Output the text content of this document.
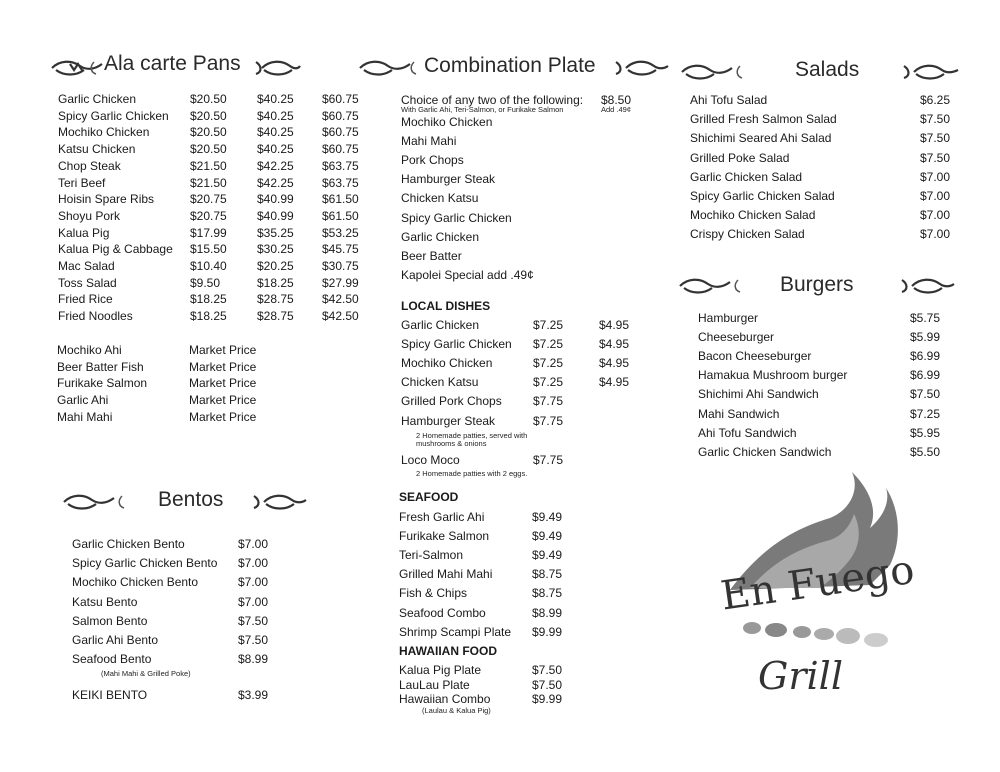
Ala carte Pans
Garlic Chicken	$20.50	$40.25 $60.75
Spicy Garlic Chicken $20.50	$40.25 $60.75
Mochiko Chicken	$20.50	$40.25 $60.75
Katsu Chicken	$20.50	$40.25 $60.75
Chop Steak	$21.50	$42.25 $63.75
Teri Beef	$21.50	$42.25 $63.75
Hoisin Spare Ribs	$20.75	$40.99 $61.50
Shoyu Pork	$20.75	$40.99 $61.50
Kalua Pig	$17.99	$35.25 $53.25
Kalua Pig & Cabbage $15.50	$30.25 $45.75
Mac Salad	$10.40	$20.25 $30.75
Toss Salad	$9.50	$18.25 $27.99
Fried Rice	$18.25	$28.75 $42.50
Fried Noodles	$18.25	$28.75 $42.50
Mochiko Ahi	Market Price
Beer Batter Fish	Market Price
Furikake Salmon	Market Price
Garlic Ahi	Market Price
Mahi Mahi	Market Price
Bentos
Garlic Chicken Bento	$7.00
Spicy Garlic Chicken Bento $7.00
Mochiko Chicken Bento	$7.00
Katsu Bento	$7.00
Salmon Bento	$7.50
Garlic Ahi Bento	$7.50
Seafood Bento	$8.99
(Mahi Mahi & Grilled Poke)
KEIKI BENTO	$3.99
Combination Plate
Choice of any two of the following: $8.50
With Garlic Ahi, Teri-Salmon, or Furikake Salmon	Add .49¢
Mochiko Chicken
Mahi Mahi
Pork Chops
Hamburger Steak
Chicken Katsu
Spicy Garlic Chicken
Garlic Chicken
Beer Batter
Kapolei Special add .49¢
LOCAL DISHES
Garlic Chicken	$7.25	$4.95
Spicy Garlic Chicken $7.25	$4.95
Mochiko Chicken	$7.25	$4.95
Chicken Katsu	$7.25	$4.95
Grilled Pork Chops	$7.75
Hamburger Steak	$7.75
2 Homemade patties, served with mushrooms & onions
Loco Moco	$7.75
2 Homemade patties with 2 eggs.
SEAFOOD
Fresh Garlic Ahi	$9.49
Furikake Salmon	$9.49
Teri-Salmon	$9.49
Grilled Mahi Mahi	$8.75
Fish & Chips	$8.75
Seafood Combo	$8.99
Shrimp Scampi Plate $9.99
HAWAIIAN FOOD
Kalua Pig Plate	$7.50
LauLau Plate	$7.50
Hawaiian Combo	$9.99
(Laulau & Kalua Pig)
Salads
Ahi Tofu Salad	$6.25
Grilled Fresh Salmon Salad	$7.50
Shichimi Seared Ahi Salad	$7.50
Grilled Poke Salad	$7.50
Garlic Chicken Salad	$7.00
Spicy Garlic Chicken Salad	$7.00
Mochiko Chicken Salad	$7.00
Crispy Chicken Salad	$7.00
Burgers
Hamburger	$5.75
Cheeseburger	$5.99
Bacon Cheeseburger	$6.99
Hamakua Mushroom burger	$6.99
Shichimi Ahi Sandwich	$7.50
Mahi Sandwich	$7.25
Ahi Tofu Sandwich	$5.95
Garlic Chicken Sandwich	$5.50
En Fuego
Grill
